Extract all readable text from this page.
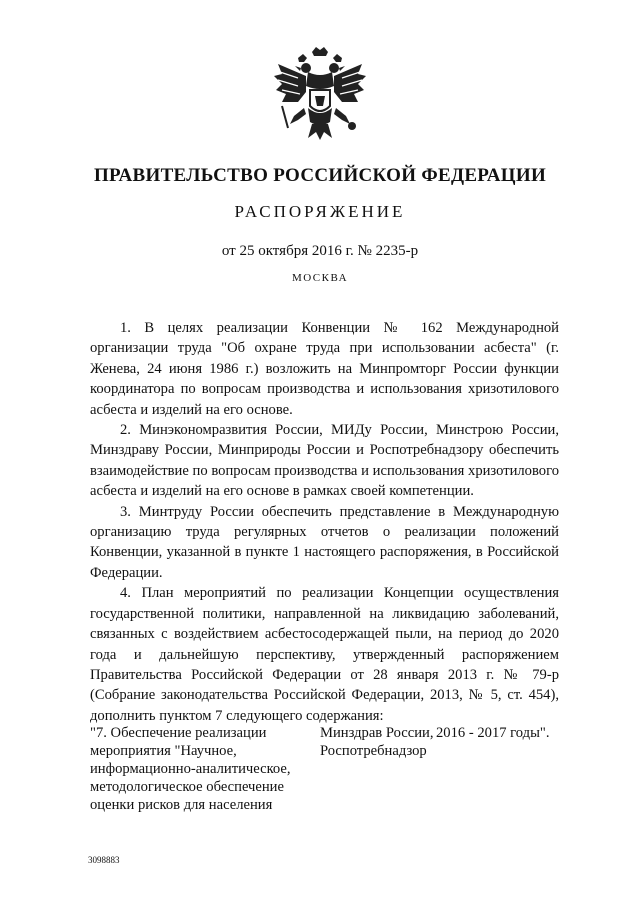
ПРАВИТЕЛЬСТВО РОССИЙСКОЙ ФЕДЕРАЦИИ
РАСПОРЯЖЕНИЕ
от 25 октября 2016 г. № 2235-р
МОСКВА

1. В целях реализации Конвенции № 162 Международной организации труда "Об охране труда при использовании асбеста" (г. Женева, 24 июня 1986 г.) возложить на Минпромторг России функции координатора по вопросам производства и использования хризотилового асбеста и изделий на его основе.

2. Минэкономразвития России, МИДу России, Минстрою России, Минздраву России, Минприроды России и Роспотребнадзору обеспечить взаимодействие по вопросам производства и использования хризотилового асбеста и изделий на его основе в рамках своей компетенции.

3. Минтруду России обеспечить представление в Международную организацию труда регулярных отчетов о реализации положений Конвенции, указанной в пункте 1 настоящего распоряжения, в Российской Федерации.

4. План мероприятий по реализации Концепции осуществления государственной политики, направленной на ликвидацию заболеваний, связанных с воздействием асбестосодержащей пыли, на период до 2020 года и дальнейшую перспективу, утвержденный распоряжением Правительства Российской Федерации от 28 января 2013 г. № 79-р (Собрание законодательства Российской Федерации, 2013, № 5, ст. 454), дополнить пунктом 7 следующего содержания:

"7. Обеспечение реализации мероприятия "Научное, информационно-аналитическое, методологическое обеспечение оценки рисков для населения
Минздрав России, Роспотребнадзор
2016 - 2017 годы".
3098883
